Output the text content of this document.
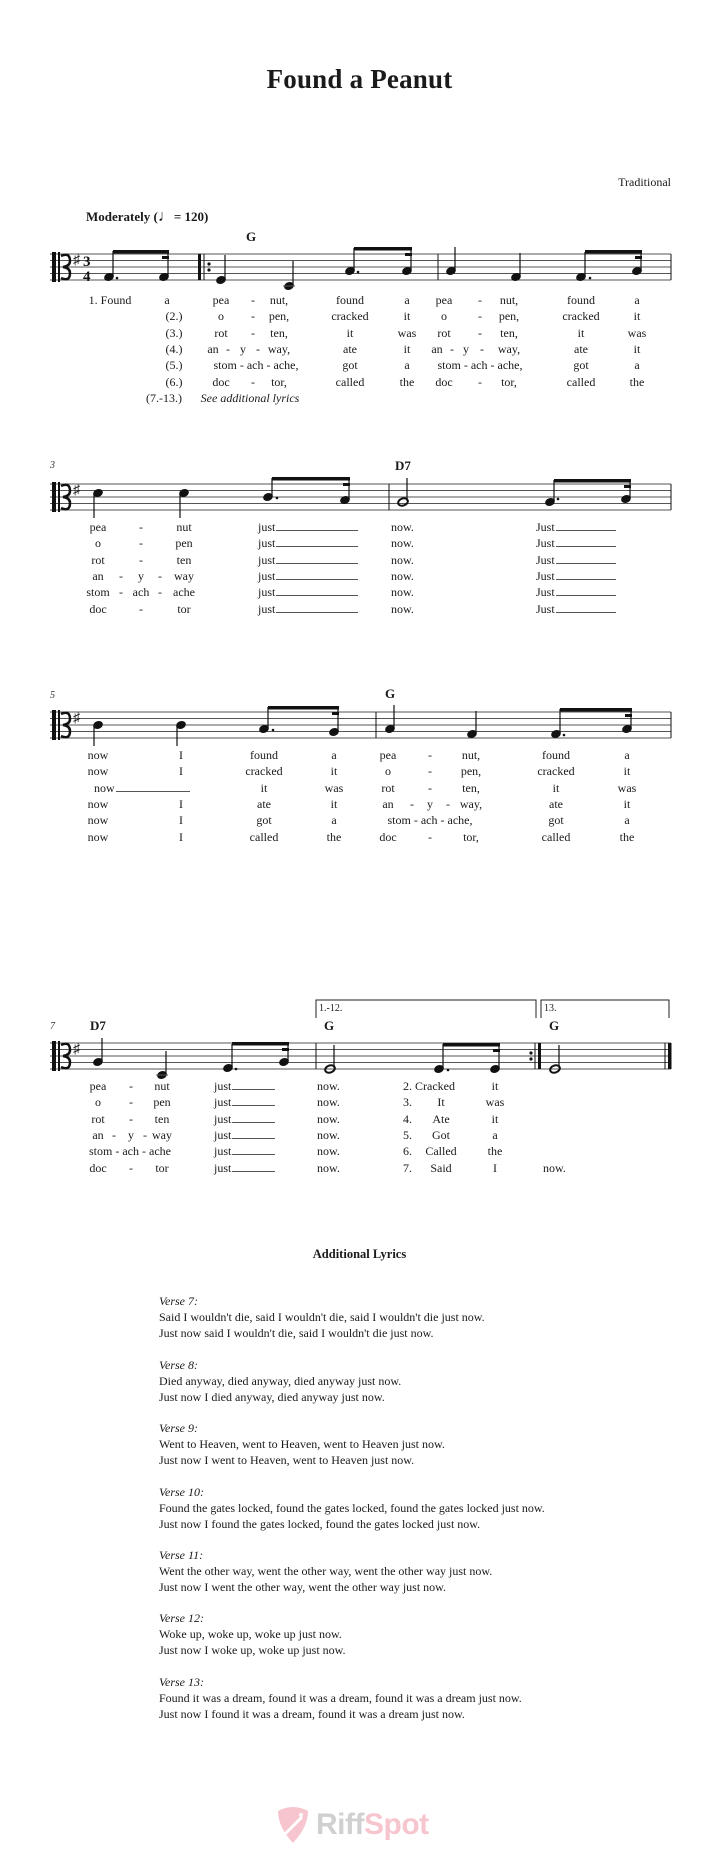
Found a Peanut
Traditional
Moderately (♩= 120)
♯ 3
4
G
1. Found	a	pea - nut,	found	a pea - nut,	found	a
(2.)	o - pen,	cracked	it	o	- pen,	cracked	it
(3.)	rot - ten,	it	was rot - ten,	it	was
(4.) an - y - way,	ate	it an - y - way,	ate	it
(5.)	stom - ach - ache,	got	a stom - ach - ache,	got	a
(6.) doc - tor,	called	the doc - tor,	called	the
(7.-13.) See additional lyrics
♯
3	D7
pea	-	nut	just	now.	Just
o	-	pen	just	now.	Just
rot	-	ten	just	now.	Just
an - y - way	just	now.	Just
stom - ach - ache	just	now.	Just
doc	-	tor	just	now.	Just
♯
5	G
now	I	found	a	pea	- nut,	found	a
now	I	cracked	it	o	- pen,	cracked	it
now	it	was	rot	-	ten,	it	was
now	I	ate	it	an - y - way,	ate	it
now	I	got	a	stom - ach - ache,	got	a
now	I	called	the	doc	-	tor,	called	the
♯
1.-12.	13.
7	D7	G	G
pea - nut	just	now.	2. Cracked	it
o - pen	just	now.	3. It	was
rot - ten	just	now.	4. Ate	it
an - y - way	just	now.	5. Got	a
stom - ach - ache	just	now.	6. Called	the
doc - tor	just	now.	7. Said	I	now.
Additional Lyrics
Verse 7:
Said I wouldn't die, said I wouldn't die, said I wouldn't die just now.
Just now said I wouldn't die, said I wouldn't die just now.
Verse 8:
Died anyway, died anyway, died anyway just now.
Just now I died anyway, died anyway just now.
Verse 9:
Went to Heaven, went to Heaven, went to Heaven just now.
Just now I went to Heaven, went to Heaven just now.
Verse 10:
Found the gates locked, found the gates locked, found the gates locked just now.
Just now I found the gates locked, found the gates locked just now.
Verse 11:
Went the other way, went the other way, went the other way just now.
Just now I went the other way, went the other way just now.
Verse 12:
Woke up, woke up, woke up just now.
Just now I woke up, woke up just now.
Verse 13:
Found it was a dream, found it was a dream, found it was a dream just now.
Just now I found it was a dream, found it was a dream just now.
RiffSpot
